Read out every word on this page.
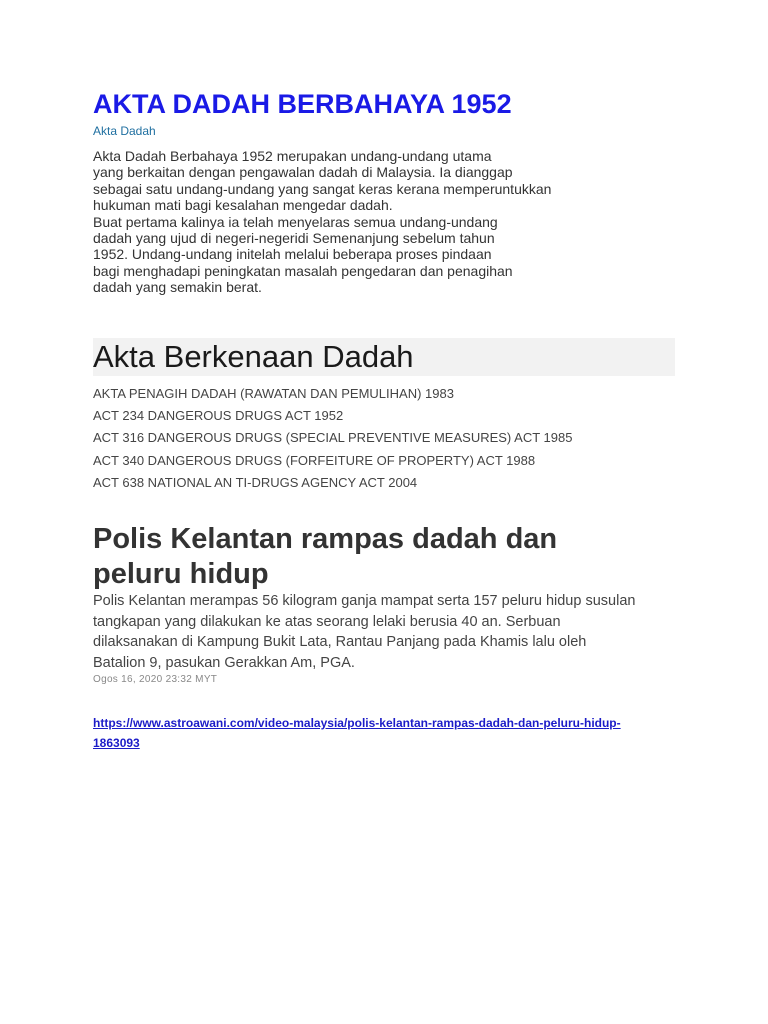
AKTA DADAH BERBAHAYA 1952
Akta Dadah
Akta Dadah Berbahaya 1952 merupakan undang-undang utama
yang berkaitan dengan pengawalan dadah di Malaysia. Ia dianggap
sebagai satu undang-undang yang sangat keras kerana memperuntukkan
hukuman mati bagi kesalahan mengedar dadah.
Buat pertama kalinya ia telah menyelaras semua undang-undang
dadah yang ujud di negeri-negeridi Semenanjung sebelum tahun
1952. Undang-undang initelah melalui beberapa proses pindaan
bagi menghadapi peningkatan masalah pengedaran dan penagihan
dadah yang semakin berat.
Akta Berkenaan Dadah
AKTA PENAGIH DADAH (RAWATAN DAN PEMULIHAN) 1983
ACT 234 DANGEROUS DRUGS ACT 1952
ACT 316 DANGEROUS DRUGS (SPECIAL PREVENTIVE MEASURES) ACT 1985
ACT 340 DANGEROUS DRUGS (FORFEITURE OF PROPERTY) ACT 1988
ACT 638 NATIONAL AN TI-DRUGS AGENCY ACT 2004
Polis Kelantan rampas dadah dan
peluru hidup
Polis Kelantan merampas 56 kilogram ganja mampat serta 157 peluru hidup susulan
tangkapan yang dilakukan ke atas seorang lelaki berusia 40 an. Serbuan
dilaksanakan di Kampung Bukit Lata, Rantau Panjang pada Khamis lalu oleh
Batalion 9, pasukan Gerakkan Am, PGA.
Ogos 16, 2020 23:32 MYT
https://www.astroawani.com/video-malaysia/polis-kelantan-rampas-dadah-dan-peluru-hidup-
1863093
